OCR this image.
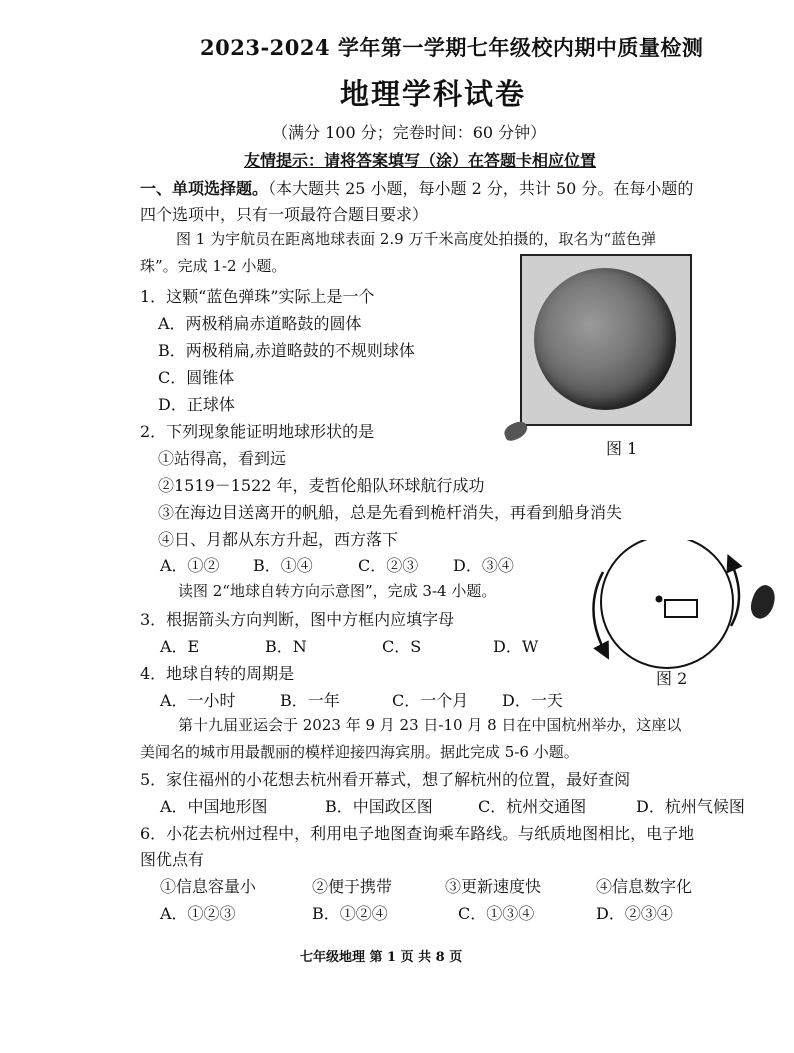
2023-2024 学年第一学期七年级校内期中质量检测
地理学科试卷
（满分 100 分；完卷时间：60 分钟）
友情提示：请将答案填写（涂）在答题卡相应位置
一、单项选择题。（本大题共 25 小题，每小题 2 分，共计 50 分。在每小题的
四个选项中，只有一项最符合题目要求）
图 1 为宇航员在距离地球表面 2.9 万千米高度处拍摄的，取名为“蓝色弹
珠”。完成 1-2 小题。
1．这颗“蓝色弹珠”实际上是一个
A．两极稍扁赤道略鼓的圆体
B．两极稍扁,赤道略鼓的不规则球体
C．圆锥体
D．正球体
图 1
2．下列现象能证明地球形状的是
①站得高，看到远
②1519－1522 年，麦哲伦船队环球航行成功
③在海边目送离开的帆船，总是先看到桅杆消失，再看到船身消失
④日、月都从东方升起，西方落下
A．①② B．①④	C．②③ D．③④
读图 2“地球自转方向示意图”，完成 3-4 小题。
3．根据箭头方向判断，图中方框内应填字母
A．E	B．N	C．S	D．W
图 2
4．地球自转的周期是
A．一小时	B．一年	C．一个月 D．一天
第十九届亚运会于 2023 年 9 月 23 日-10 月 8 日在中国杭州举办，这座以
美闻名的城市用最靓丽的模样迎接四海宾朋。据此完成 5-6 小题。
5．家住福州的小花想去杭州看开幕式，想了解杭州的位置，最好查阅
A．中国地形图	B．中国政区图	C．杭州交通图	D．杭州气候图
6．小花去杭州过程中，利用电子地图查询乘车路线。与纸质地图相比，电子地
图优点有
①信息容量小	②便于携带	③更新速度快	④信息数字化
A．①②③	B．①②④	C．①③④	D．②③④
七年级地理 第 1 页 共 8 页
